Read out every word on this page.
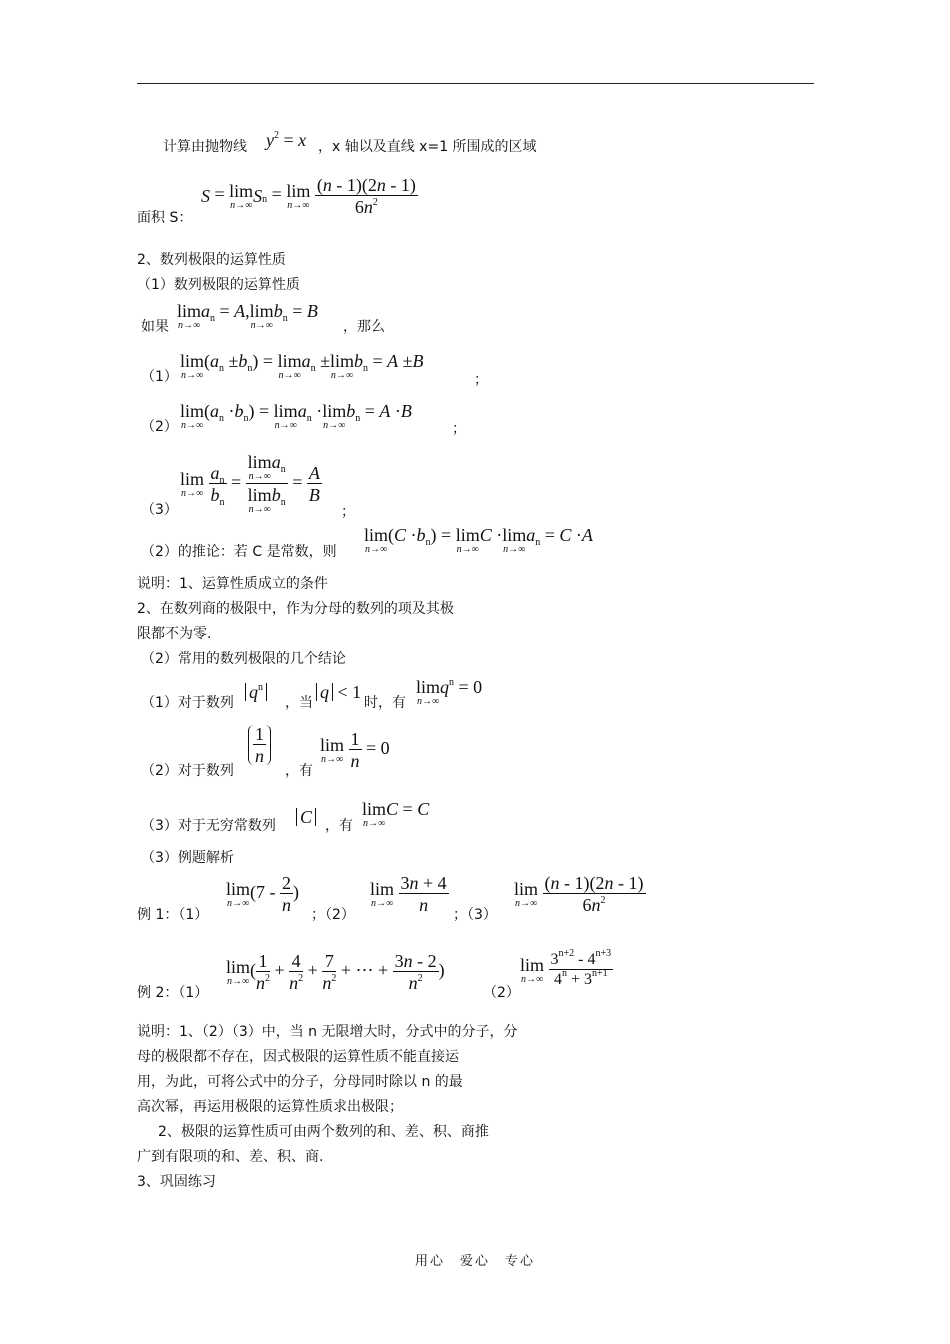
计算由抛物线 $y^2 = x$ ，x 轴以及直线 x=1 所围成的区域
面积 S：
S = lim
n→∞ $S_n = \lim$
n→∞
$\frac{(n - 1)(2n - 1)}{6n^2}$
2、数列极限的运算性质
（1）数列极限的运算性质
如果
lim
n→∞
$a_n = A,\lim$
n→∞
$b_n = B$
，那么
（1）
lim
n→∞
$(a_n \pm b_n) = \lim$
n→∞
$a_n \pm\lim$
n→∞
$b_n = A \pm B$
；
（2）
lim
n→∞
$(a_n \cdot b_n) = \lim$
n→∞
$a_n \cdot\lim$
n→∞
$b_n = A \cdot B$
；
（3）
lim
n→∞
$\frac{a_n}{b_n} = \lim$
n→∞
$a_n$
lim
n→∞
$b_n = \frac{A}{B}$
；
（2）的推论：若 C 是常数，则
lim
n→∞
$(C \cdot b_n) = \lim$
n→∞
C ·lim
n→∞
$a_n = C \cdot A$
说明：1、运算性质成立的条件
2、在数列商的极限中，作为分母的数列的项及其极
限都不为零.
（2）常用的数列极限的几个结论
（1）对于数列
$q^n$
，当
q < 1
时，有
lim
n→∞
$q^n = 0$
（2）对于数列
$\frac{1}{n}$
，有
lim
n→∞
$\frac{1}{n} = 0$
（3）对于无穷常数列 C ，有
lim
n→∞
C = C
（3）例题解析
例 1：（1）
lim
n→∞
($7 - \frac{2}{n}$ )
；（2）
lim
n→∞
$\frac{3n + 4}{n}$
；（3）
lim
n→∞
$\frac{(n - 1)(2n - 1)}{6n^2}$
例 2：（1）
lim
n→∞
( $\frac{1}{n^2} + \frac{4}{n^2} + \frac{7}{n^2}$ + ⋯ + $\frac{3n - 2}{n^2}$ )
（2）
lim
n→∞
$\frac{3^{n+2} - 4^{n+3}}{4^n + 3^{n+1}}$
说明：1、（2）（3）中，当 n 无限增大时，分式中的分子，分
母的极限都不存在，因式极限的运算性质不能直接运
用，为此，可将公式中的分子，分母同时除以 n 的最
高次幂，再运用极限的运算性质求出极限；
2、极限的运算性质可由两个数列的和、差、积、商推
广到有限项的和、差、积、商.
3、巩固练习
用心　爱心　专心
